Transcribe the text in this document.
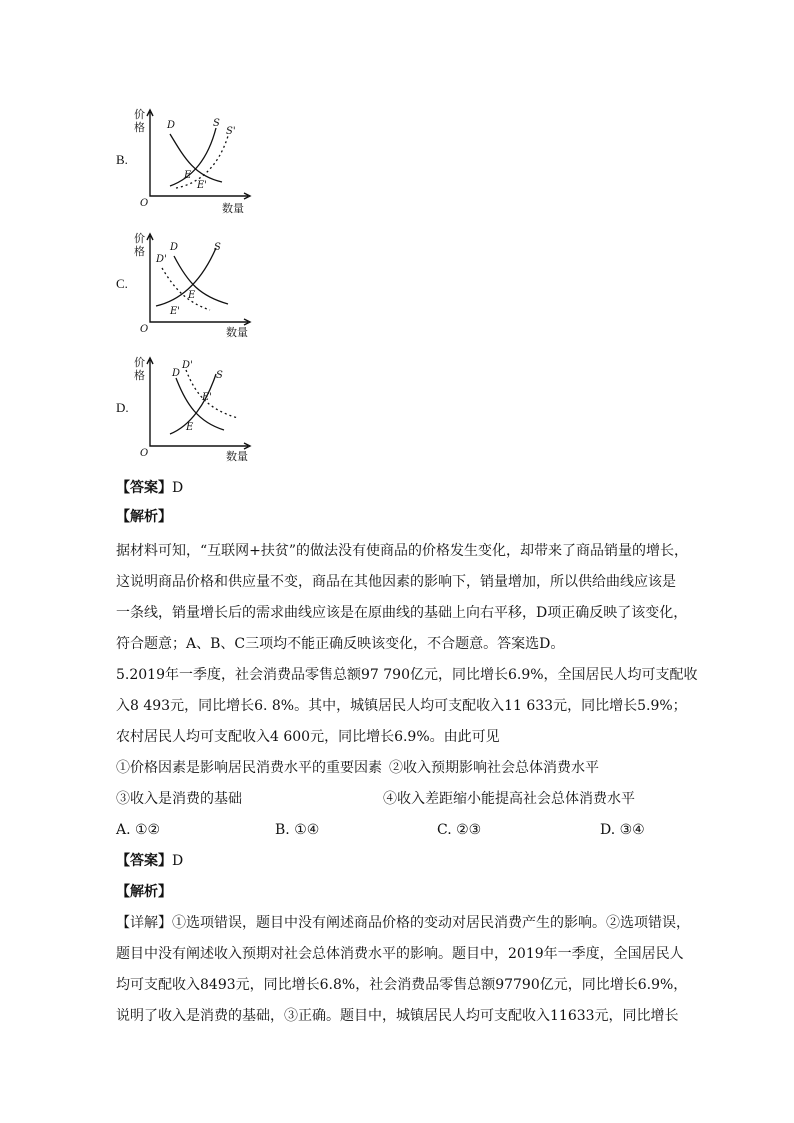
B.
价
格
O	数量
D	S
S'
E
E'
C.
价
格
O	数量
D
D'
S
E
E'
D.
价
格
O	数量
D
D'
S
E
E'
【答案】D
【解析】
据材料可知，“互联网+扶贫”的做法没有使商品的价格发生变化，却带来了商品销量的增长，
这说明商品价格和供应量不变，商品在其他因素的影响下，销量增加，所以供给曲线应该是
一条线，销量增长后的需求曲线应该是在原曲线的基础上向右平移，D项正确反映了该变化，
符合题意；A、B、C三项均不能正确反映该变化，不合题意。答案选D。
5.2019年一季度，社会消费品零售总额97 790亿元，同比增长6.9%，全国居民人均可支配收
入8 493元，同比增长6. 8%。其中，城镇居民人均可支配收入11 633元，同比增长5.9%；
农村居民人均可支配收入4 600元，同比增长6.9%。由此可见
①价格因素是影响居民消费水平的重要因素 ②收入预期影响社会总体消费水平
③收入是消费的基础	④收入差距缩小能提高社会总体消费水平
A. ①②	B. ①④	C. ②③	D. ③④
【答案】D
【解析】
【详解】①选项错误，题目中没有阐述商品价格的变动对居民消费产生的影响。②选项错误，
题目中没有阐述收入预期对社会总体消费水平的影响。题目中，2019年一季度，全国居民人
均可支配收入8493元，同比增长6.8%，社会消费品零售总额97790亿元，同比增长6.9%，
说明了收入是消费的基础，③正确。题目中，城镇居民人均可支配收入11633元，同比增长
